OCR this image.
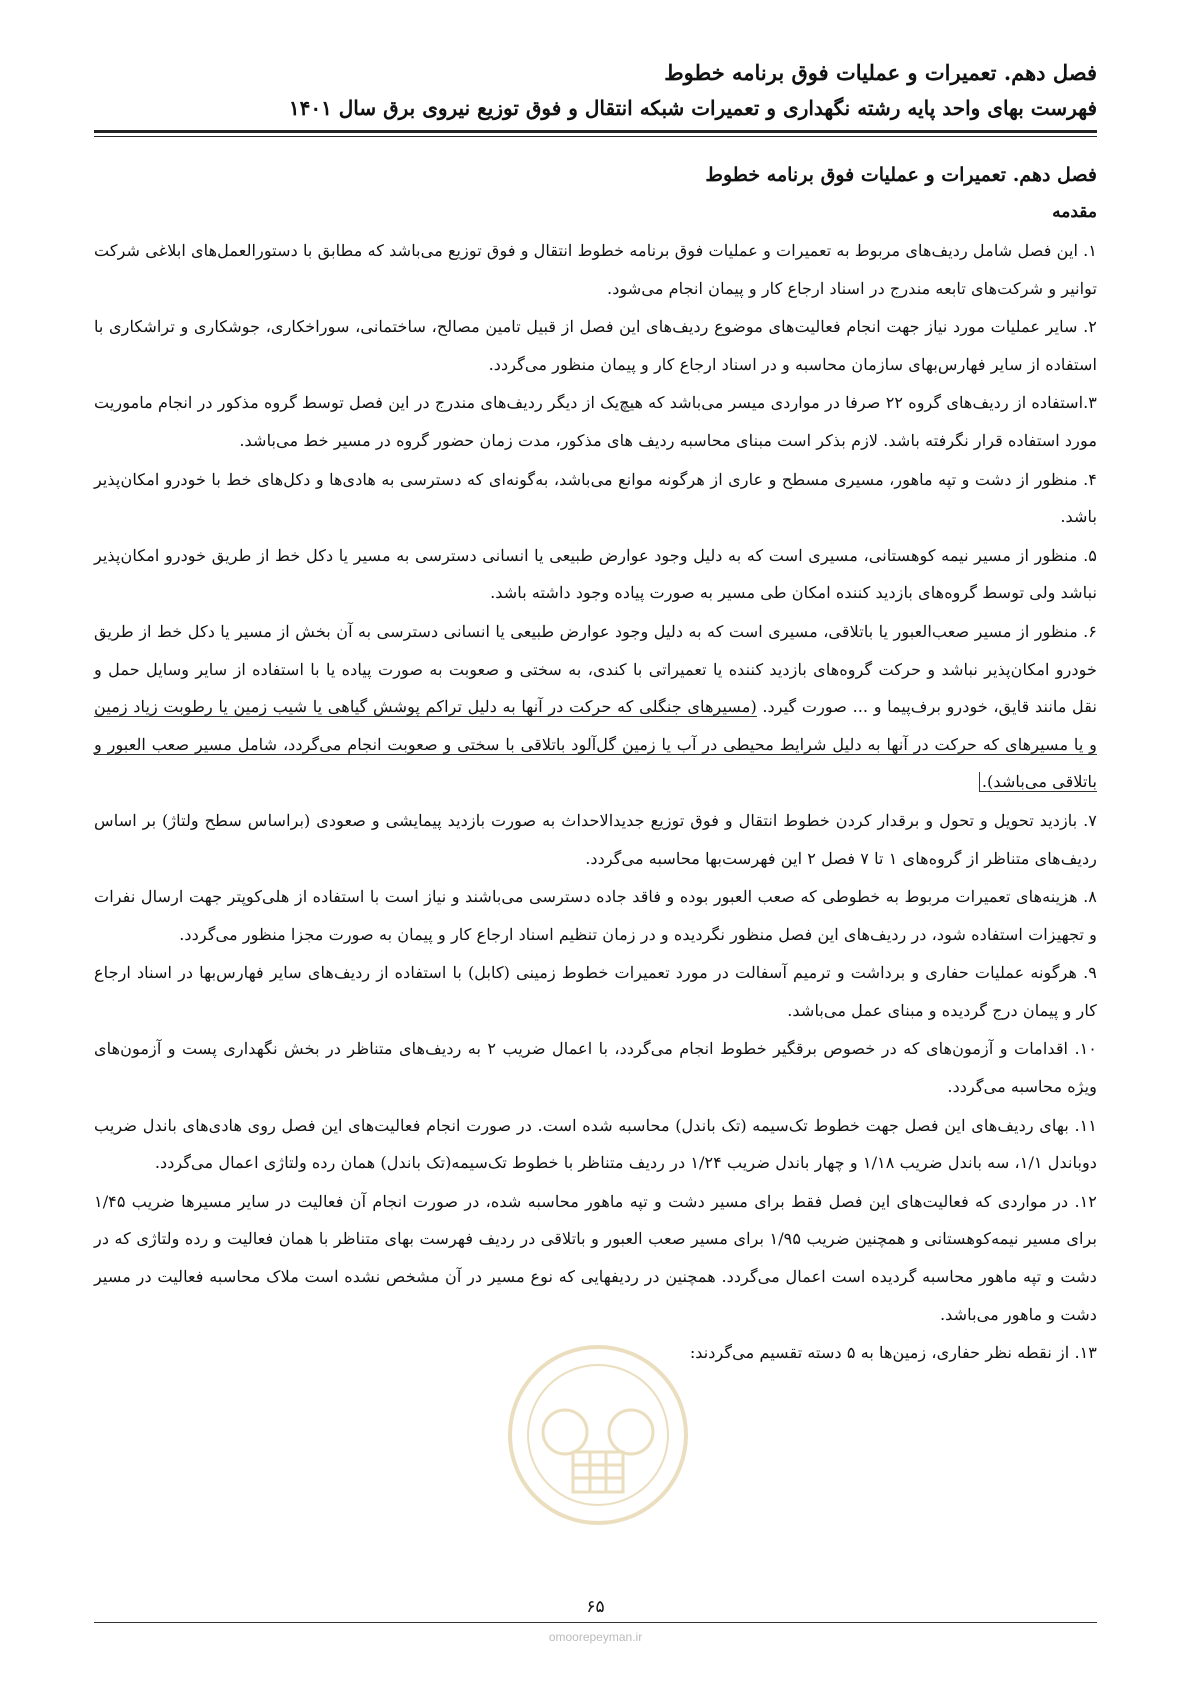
فصل دهم. تعمیرات و عملیات فوق برنامه خطوط
فهرست بهای واحد پایه رشته نگهداری و تعمیرات شبکه انتقال و فوق توزیع نیروی برق سال ۱۴۰۱
فصل دهم. تعمیرات و عملیات فوق برنامه خطوط
مقدمه

۱. این فصل شامل ردیف‌های مربوط به تعمیرات و عملیات فوق برنامه خطوط انتقال و فوق توزیع می‌باشد که مطابق با دستورالعمل‌های ابلاغی شرکت توانیر و شرکت‌های تابعه مندرج در اسناد ارجاع کار و پیمان انجام می‌شود.

۲. سایر عملیات مورد نیاز جهت انجام فعالیت‌های موضوع ردیف‌های این فصل از قبیل تامین مصالح، ساختمانی، سوراخکاری، جوشکاری و تراشکاری با استفاده از سایر فهارس‌بهای سازمان محاسبه و در اسناد ارجاع کار و پیمان منظور می‌گردد.

۳.استفاده از ردیف‌های گروه ۲۲ صرفا در مواردی میسر می‌باشد که هیچ‌یک از دیگر ردیف‌های مندرج در این فصل توسط گروه مذکور در انجام ماموریت مورد استفاده قرار نگرفته باشد. لازم بذکر است مبنای محاسبه ردیف های مذکور، مدت زمان حضور گروه در مسیر خط می‌باشد.

۴. منظور از دشت و تپه ماهور، مسیری مسطح و عاری از هرگونه موانع می‌باشد، به‌گونه‌ای که دسترسی به هادی‌ها و دکل‌های خط با خودرو امکان‌پذیر باشد.

۵. منظور از مسیر نیمه کوهستانی، مسیری است که به دلیل وجود عوارض طبیعی یا انسانی دسترسی به مسیر یا دکل خط از طریق خودرو امکان‌پذیر نباشد ولی توسط گروه‌های بازدید کننده امکان طی مسیر به صورت پیاده وجود داشته باشد.

۶. منظور از مسیر صعب‌العبور یا باتلاقی، مسیری است که به دلیل وجود عوارض طبیعی یا انسانی دسترسی به آن بخش از مسیر یا دکل خط از طریق خودرو امکان‌پذیر نباشد و حرکت گروه‌های بازدید کننده یا تعمیراتی با کندی، به سختی و صعوبت به صورت پیاده یا با استفاده از سایر وسایل حمل و نقل مانند قایق، خودرو برف‌پیما و ... صورت گیرد. (مسیرهای جنگلی که حرکت در آنها به دلیل تراکم پوشش گیاهی یا شیب زمین یا رطوبت زیاد زمین و یا مسیرهای که حرکت در آنها به دلیل شرایط محیطی در آب یا زمین گل‌آلود باتلاقی با سختی و صعوبت انجام می‌گردد، شامل مسیر صعب العبور و باتلاقی می‌باشد).

۷. بازدید تحویل و تحول و برقدار کردن خطوط انتقال و فوق توزیع جدیدالاحداث به صورت بازدید پیمایشی و صعودی (براساس سطح ولتاژ) بر اساس ردیف‌های متناظر از گروه‌های ۱ تا ۷ فصل ۲ این فهرست‌بها محاسبه می‌گردد.

۸. هزینه‌های تعمیرات مربوط به خطوطی که صعب العبور بوده و فاقد جاده دسترسی می‌باشند و نیاز است با استفاده از هلی‌کوپتر جهت ارسال نفرات و تجهیزات استفاده شود، در ردیف‌های این فصل منظور نگردیده و در زمان تنظیم اسناد ارجاع کار و پیمان به صورت مجزا منظور می‌گردد.

۹. هرگونه عملیات حفاری و برداشت و ترمیم آسفالت در مورد تعمیرات خطوط زمینی (کابل) با استفاده از ردیف‌های سایر فهارس‌بها در اسناد ارجاع کار و پیمان درج گردیده و مبنای عمل می‌باشد.

۱۰. اقدامات و آزمون‌های که در خصوص برقگیر خطوط انجام می‌گردد، با اعمال ضریب ۲ به ردیف‌های متناظر در بخش نگهداری پست و آزمون‌های ویژه محاسبه می‌گردد.

۱۱. بهای ردیف‌های این فصل جهت خطوط تک‌سیمه (تک باندل) محاسبه شده است. در صورت انجام فعالیت‌های این فصل روی هادی‌های باندل ضریب دوباندل ۱/۱، سه باندل ضریب ۱/۱۸ و چهار باندل ضریب ۱/۲۴ در ردیف متناظر با خطوط تک‌سیمه(تک باندل) همان رده ولتاژی اعمال می‌گردد.

۱۲. در مواردی که فعالیت‌های این فصل فقط برای مسیر دشت و تپه ماهور محاسبه شده، در صورت انجام آن فعالیت در سایر مسیرها ضریب ۱/۴۵ برای مسیر نیمه‌کوهستانی و همچنین ضریب ۱/۹۵ برای مسیر صعب العبور و باتلاقی در ردیف فهرست بهای متناظر با همان فعالیت و رده ولتاژی که در دشت و تپه ماهور محاسبه گردیده است اعمال می‌گردد. همچنین در ردیفهایی که نوع مسیر در آن مشخص نشده است ملاک محاسبه فعالیت در مسیر دشت و ماهور می‌باشد.

۱۳. از نقطه نظر حفاری، زمین‌ها به ۵ دسته تقسیم می‌گردند:

۶۵
omoorepeyman.ir
